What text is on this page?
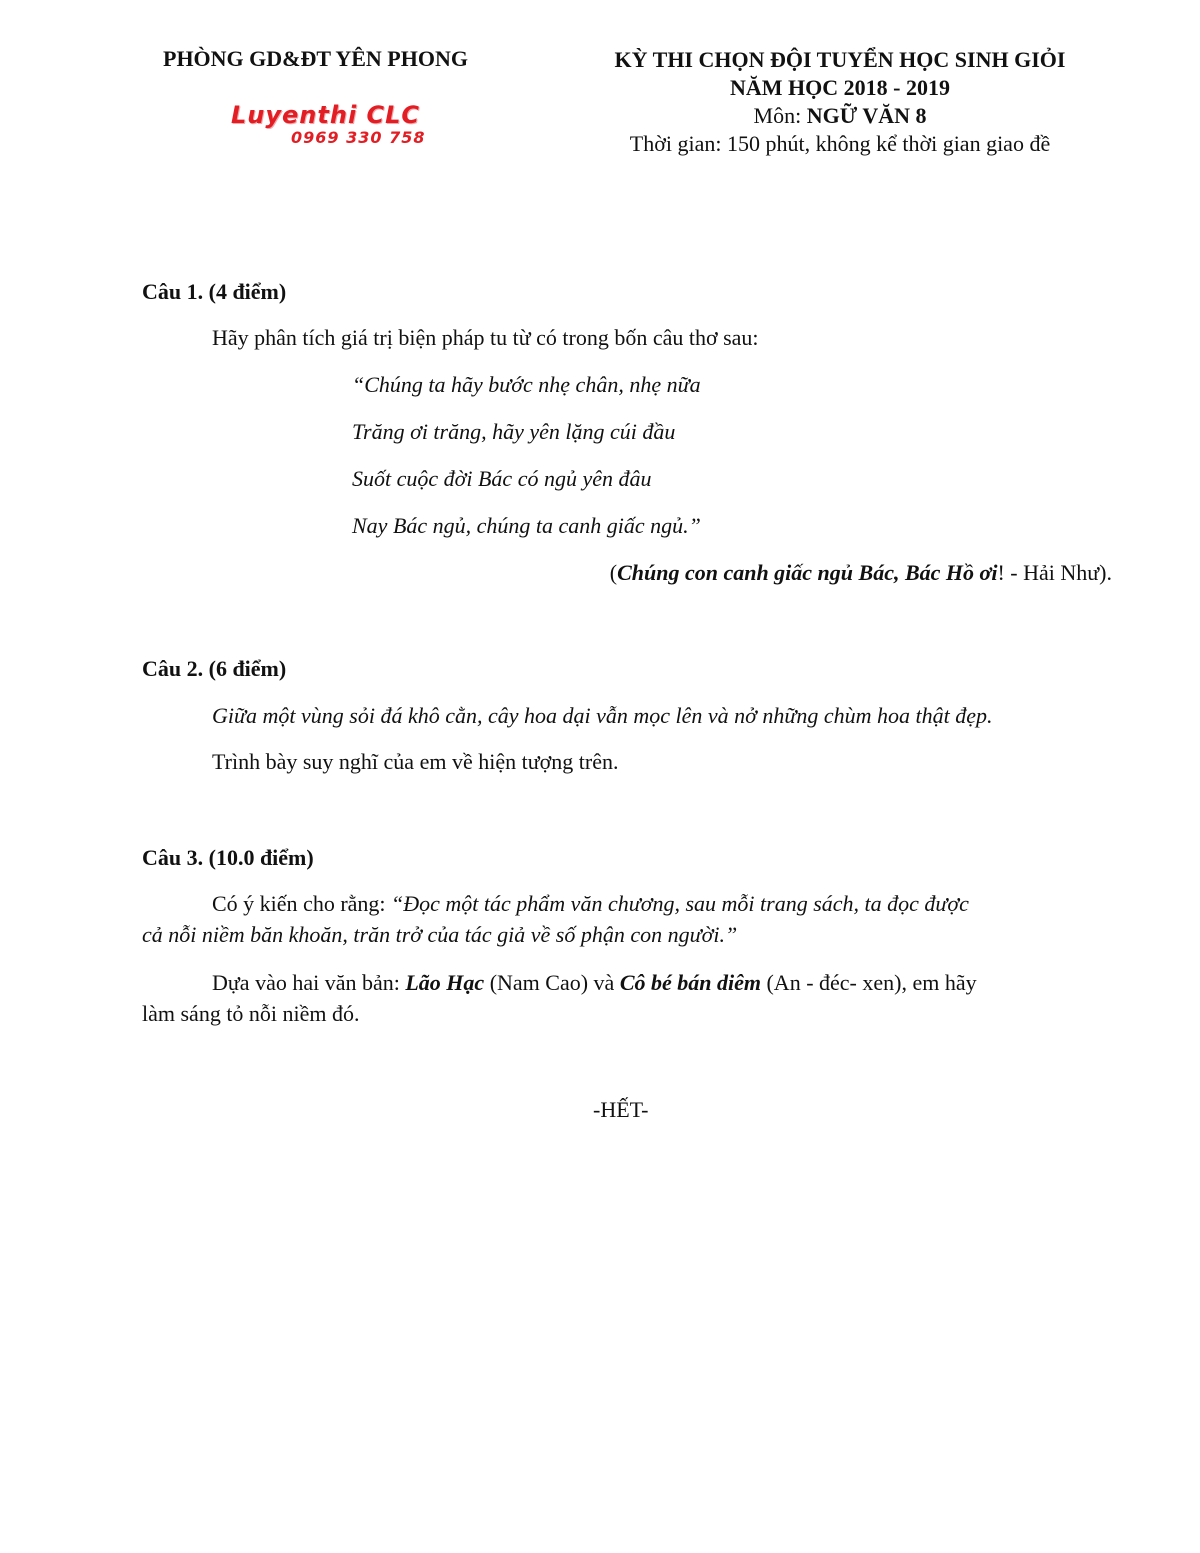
PHÒNG GD&ĐT YÊN PHONG
Luyenthi CLC
0969 330 758
KỲ THI CHỌN ĐỘI TUYỂN HỌC SINH GIỎI
NĂM HỌC 2018 - 2019
Môn: NGỮ VĂN 8
Thời gian: 150 phút, không kể thời gian giao đề
Câu 1. (4 điểm)
Hãy phân tích giá trị biện pháp tu từ có trong bốn câu thơ sau:
“Chúng ta hãy bước nhẹ chân, nhẹ nữa
Trăng ơi trăng, hãy yên lặng cúi đầu
Suốt cuộc đời Bác có ngủ yên đâu
Nay Bác ngủ, chúng ta canh giấc ngủ.”
(Chúng con canh giấc ngủ Bác, Bác Hồ ơi! - Hải Như).
Câu 2. (6 điểm)
Giữa một vùng sỏi đá khô cằn, cây hoa dại vẫn mọc lên và nở những chùm hoa thật đẹp.
Trình bày suy nghĩ của em về hiện tượng trên.
Câu 3. (10.0 điểm)
Có ý kiến cho rằng: “Đọc một tác phẩm văn chương, sau mỗi trang sách, ta đọc được
cả nỗi niềm băn khoăn, trăn trở của tác giả về số phận con người.”
Dựa vào hai văn bản: Lão Hạc (Nam Cao) và Cô bé bán diêm (An - đéc- xen), em hãy
làm sáng tỏ nỗi niềm đó.
-HẾT-
